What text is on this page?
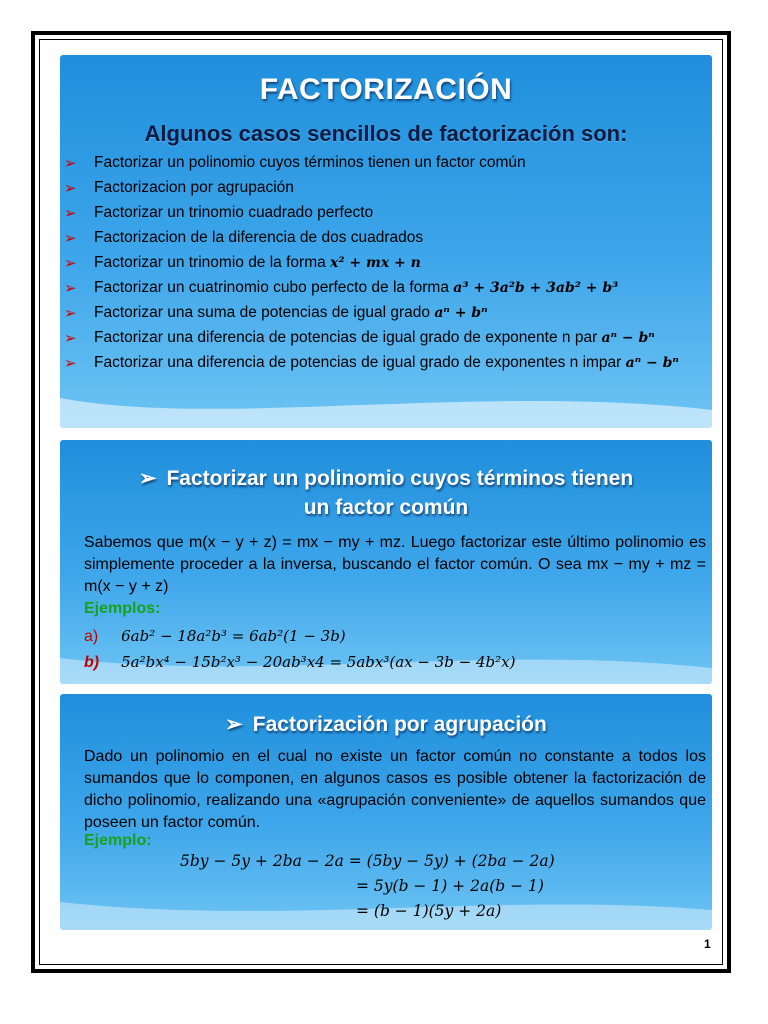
FACTORIZACIÓN
Algunos casos sencillos de factorización son:
➢ Factorizar un polinomio cuyos términos tienen un factor común
➢ Factorizacion por agrupación
➢ Factorizar un trinomio cuadrado perfecto
➢ Factorizacion de la diferencia de dos cuadrados
➢ Factorizar un trinomio de la forma x² + mx + n
➢ Factorizar un cuatrinomio cubo perfecto de la forma a³ + 3a²b + 3ab² + b³
➢ Factorizar una suma de potencias de igual grado aⁿ + bⁿ
➢ Factorizar una diferencia de potencias de igual grado de exponente n par aⁿ − bⁿ
➢ Factorizar una diferencia de potencias de igual grado de exponentes n impar aⁿ − bⁿ
➢ Factorizar un polinomio cuyos términos tienen
un factor común
Sabemos que m(x − y + z) = mx − my + mz. Luego factorizar este último polinomio es simplemente proceder a la inversa, buscando el factor común. O sea mx − my + mz = m(x − y + z)
Ejemplos:
a) 6ab² − 18a²b³ = 6ab²(1 − 3b)
b) 5a²bx⁴ − 15b²x³ − 20ab³x4 = 5abx³(ax − 3b − 4b²x)
➢ Factorización por agrupación
Dado un polinomio en el cual no existe un factor común no constante a todos los sumandos que lo componen, en algunos casos es posible obtener la factorización de dicho polinomio, realizando una «agrupación conveniente» de aquellos sumandos que poseen un factor común.
Ejemplo:
5by − 5y + 2ba − 2a = (5by − 5y) + (2ba − 2a)
= 5y(b − 1) + 2a(b − 1)
= (b − 1)(5y + 2a)
1
